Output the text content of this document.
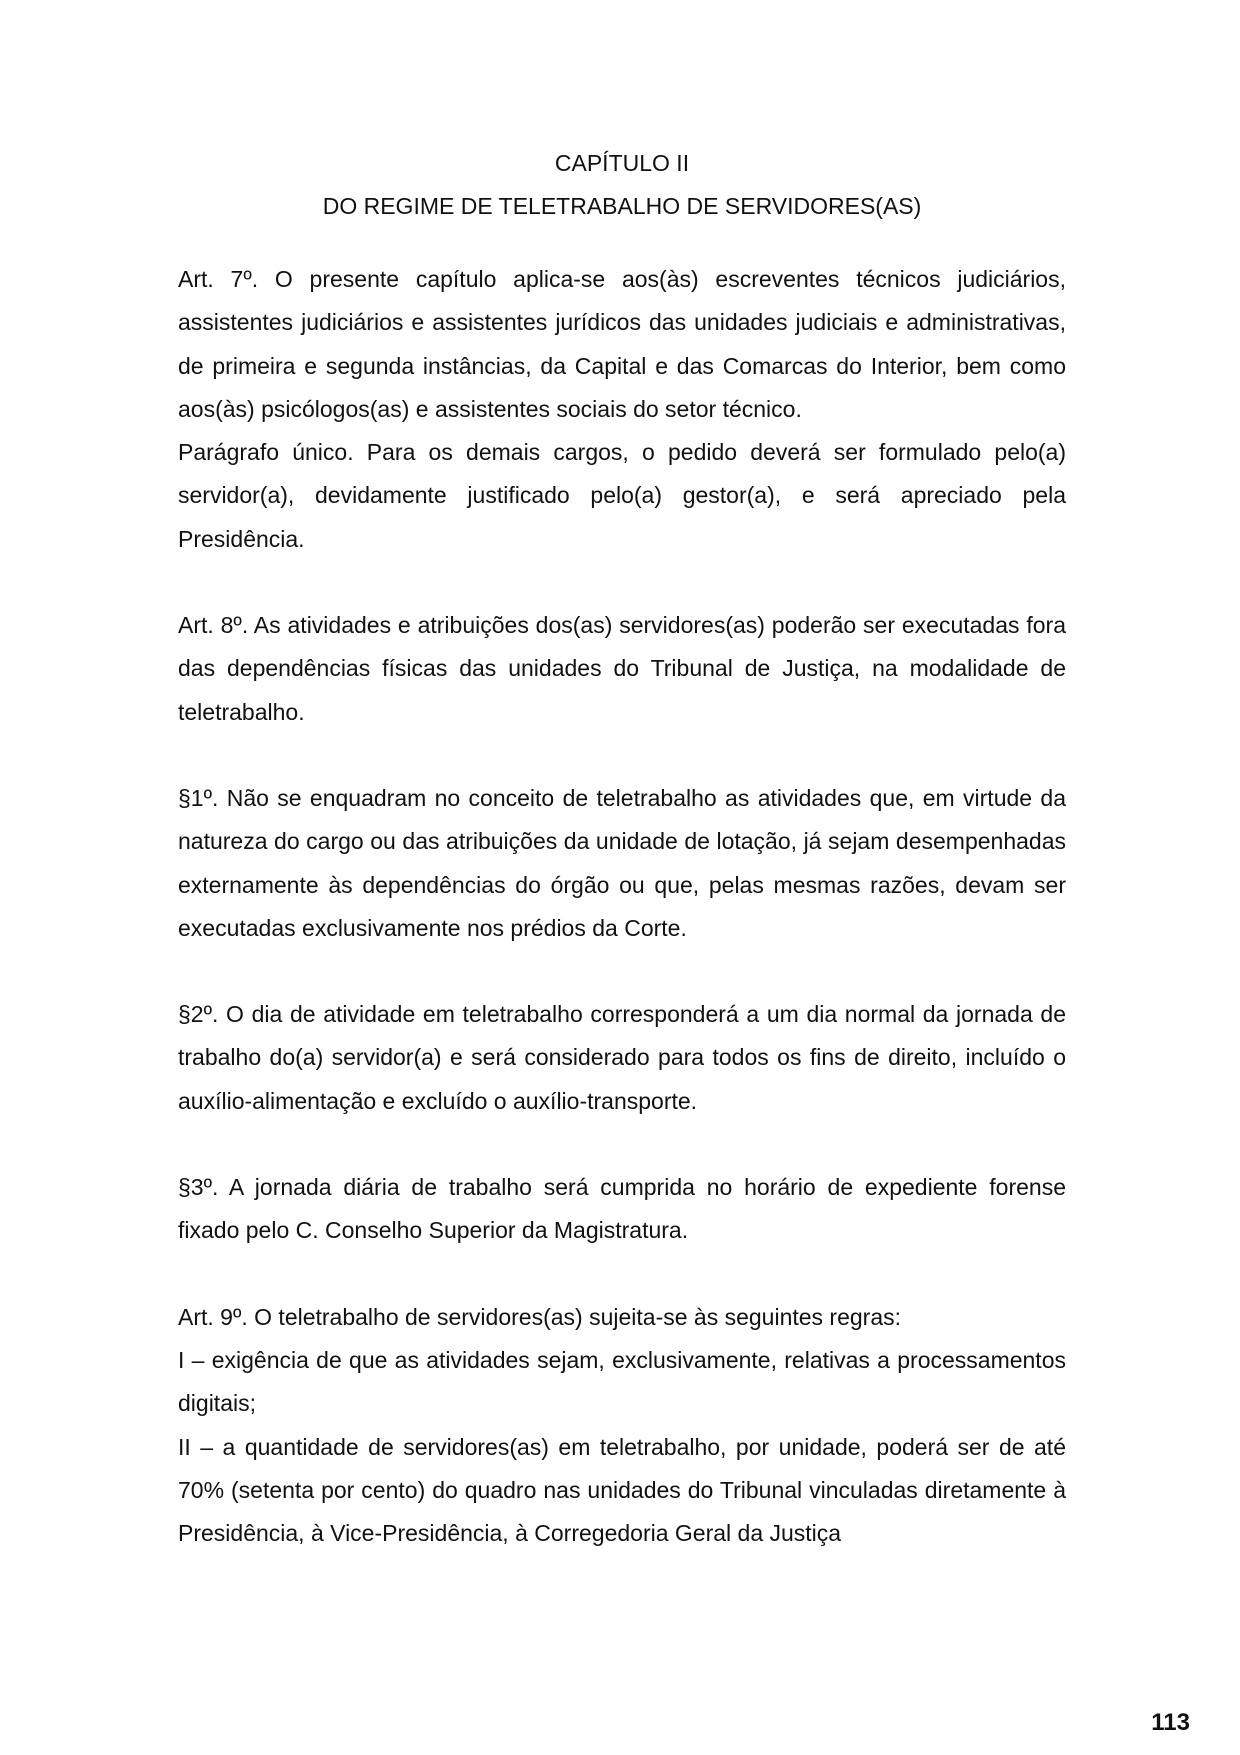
CAPÍTULO II

DO REGIME DE TELETRABALHO DE SERVIDORES(AS)

Art. 7º. O presente capítulo aplica-se aos(às) escreventes técnicos judiciários, assistentes judiciários e assistentes jurídicos das unidades judiciais e administrativas, de primeira e segunda instâncias, da Capital e das Comarcas do Interior, bem como aos(às) psicólogos(as) e assistentes sociais do setor técnico.

Parágrafo único. Para os demais cargos, o pedido deverá ser formulado pelo(a) servidor(a), devidamente justificado pelo(a) gestor(a), e será apreciado pela Presidência.

Art. 8º. As atividades e atribuições dos(as) servidores(as) poderão ser executadas fora das dependências físicas das unidades do Tribunal de Justiça, na modalidade de teletrabalho.

§1º. Não se enquadram no conceito de teletrabalho as atividades que, em virtude da natureza do cargo ou das atribuições da unidade de lotação, já sejam desempenhadas externamente às dependências do órgão ou que, pelas mesmas razões, devam ser executadas exclusivamente nos prédios da Corte.

§2º. O dia de atividade em teletrabalho corresponderá a um dia normal da jornada de trabalho do(a) servidor(a) e será considerado para todos os fins de direito, incluído o auxílio-alimentação e excluído o auxílio-transporte.

§3º. A jornada diária de trabalho será cumprida no horário de expediente forense fixado pelo C. Conselho Superior da Magistratura.

Art. 9º. O teletrabalho de servidores(as) sujeita-se às seguintes regras:

I – exigência de que as atividades sejam, exclusivamente, relativas a processamentos digitais;

II – a quantidade de servidores(as) em teletrabalho, por unidade, poderá ser de até 70% (setenta por cento) do quadro nas unidades do Tribunal vinculadas diretamente à Presidência, à Vice-Presidência, à Corregedoria Geral da Justiça

113
